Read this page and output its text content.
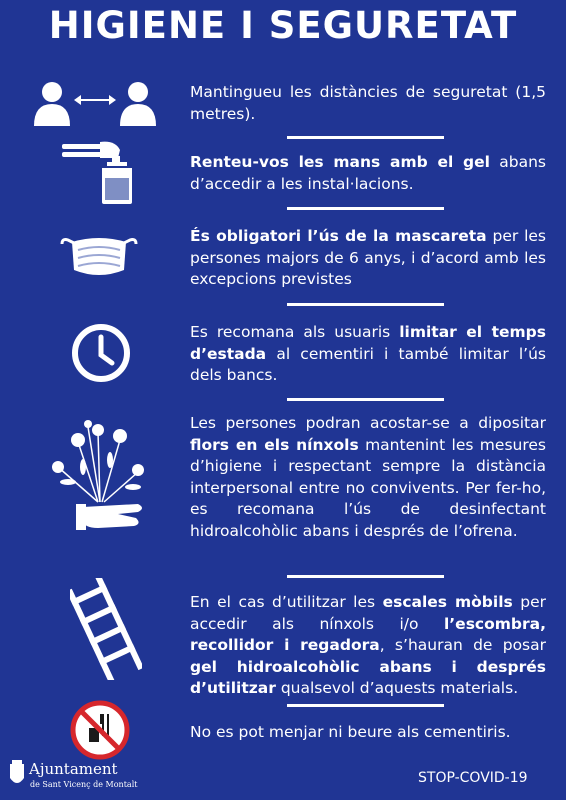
HIGIENE I SEGURETAT
Mantingueu les distàncies de seguretat (1,5 metres).
Renteu-vos les mans amb el gel abans d’accedir a les instal·lacions.
És obligatori l’ús de la mascareta per les persones majors de 6 anys, i d’acord amb les excepcions previstes
Es recomana als usuaris limitar el temps d’estada al cementiri i també limitar l’ús dels bancs.
Les persones podran acostar-se a dipositar flors en els nínxols mantenint les mesures d’higiene i respectant sempre la distància interpersonal entre no convivents. Per fer-ho, es recomana l’ús de desinfectant hidroalcohòlic abans i després de l’ofrena.
En el cas d’utilitzar les escales mòbils per accedir als nínxols i/o l’escombra, recollidor i regadora, s’hauran de posar gel hidroalcohòlic abans i després d’utilitzar qualsevol d’aquests materials.
No es pot menjar ni beure als cementiris.
Ajuntament
de Sant Vicenç de Montalt	STOP-COVID-19
